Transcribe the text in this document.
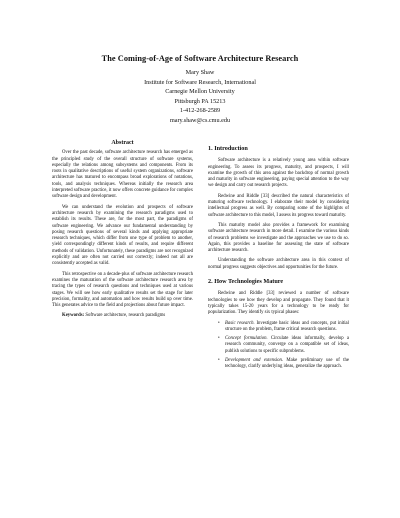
The Coming-of-Age of Software Architecture Research
Mary Shaw
Institute for Software Research, International
Carnegie Mellon University
Pittsburgh PA 15213
1-412-268-2589
mary.shaw@cs.cmu.edu
Abstract

Over the past decade, software architecture research has emerged as the principled study of the overall structure of software systems, especially the relations among subsystems and components. From its roots in qualitative descriptions of useful system organizations, software architecture has matured to encompass broad explorations of notations, tools, and analysis techniques. Whereas initially the research area interpreted software practice, it now offers concrete guidance for complex software design and development.

We can understand the evolution and prospects of software architecture research by examining the research paradigms used to establish its results. These are, for the most part, the paradigms of software engineering. We advance our fundamental understanding by posing research questions of several kinds and applying appropriate research techniques, which differ from one type of problem to another, yield correspondingly different kinds of results, and require different methods of validation. Unfortunately, these paradigms are not recognized explicitly and are often not carried out correctly; indeed not all are consistently accepted as valid.

This retrospective on a decade-plus of software architecture research examines the maturation of the software architecture research area by tracing the types of research questions and techniques used at various stages. We will see how early qualitative results set the stage for later precision, formality, and automation and how results build up over time. This generates advice to the field and projections about future impact.

Keywords: Software architecture, research paradigms

1. Introduction

Software architecture is a relatively young area within software engineering. To assess its progress, maturity, and prospects, I will examine the growth of this area against the backdrop of normal growth and maturity in software engineering, paying special attention to the way we design and carry out research projects.

Redwine and Riddle [33] described the natural characteristics of maturing software technology. I elaborate their model by considering intellectual progress as well. By comparing some of the highlights of software architecture to this model, I assess its progress toward maturity.

This maturity model also provides a framework for examining software architecture research in more detail. I examine the various kinds of research problems we investigate and the approaches we use to do so. Again, this provides a baseline for assessing the state of software architecture research.

Understanding the software architecture area in this context of normal progress suggests objectives and opportunities for the future.

2. How Technologies Mature

Redwine and Riddle [33] reviewed a number of software technologies to see how they develop and propagate. They found that it typically takes 15-20 years for a technology to be ready for popularization. They identify six typical phases:

• Basic research. Investigate basic ideas and concepts, put initial structure on the problem, frame critical research questions.
• Concept formulation. Circulate ideas informally, develop a research community, converge on a compatible set of ideas, publish solutions to specific subproblems.
• Development and extension. Make preliminary use of the technology, clarify underlying ideas, generalize the approach.
